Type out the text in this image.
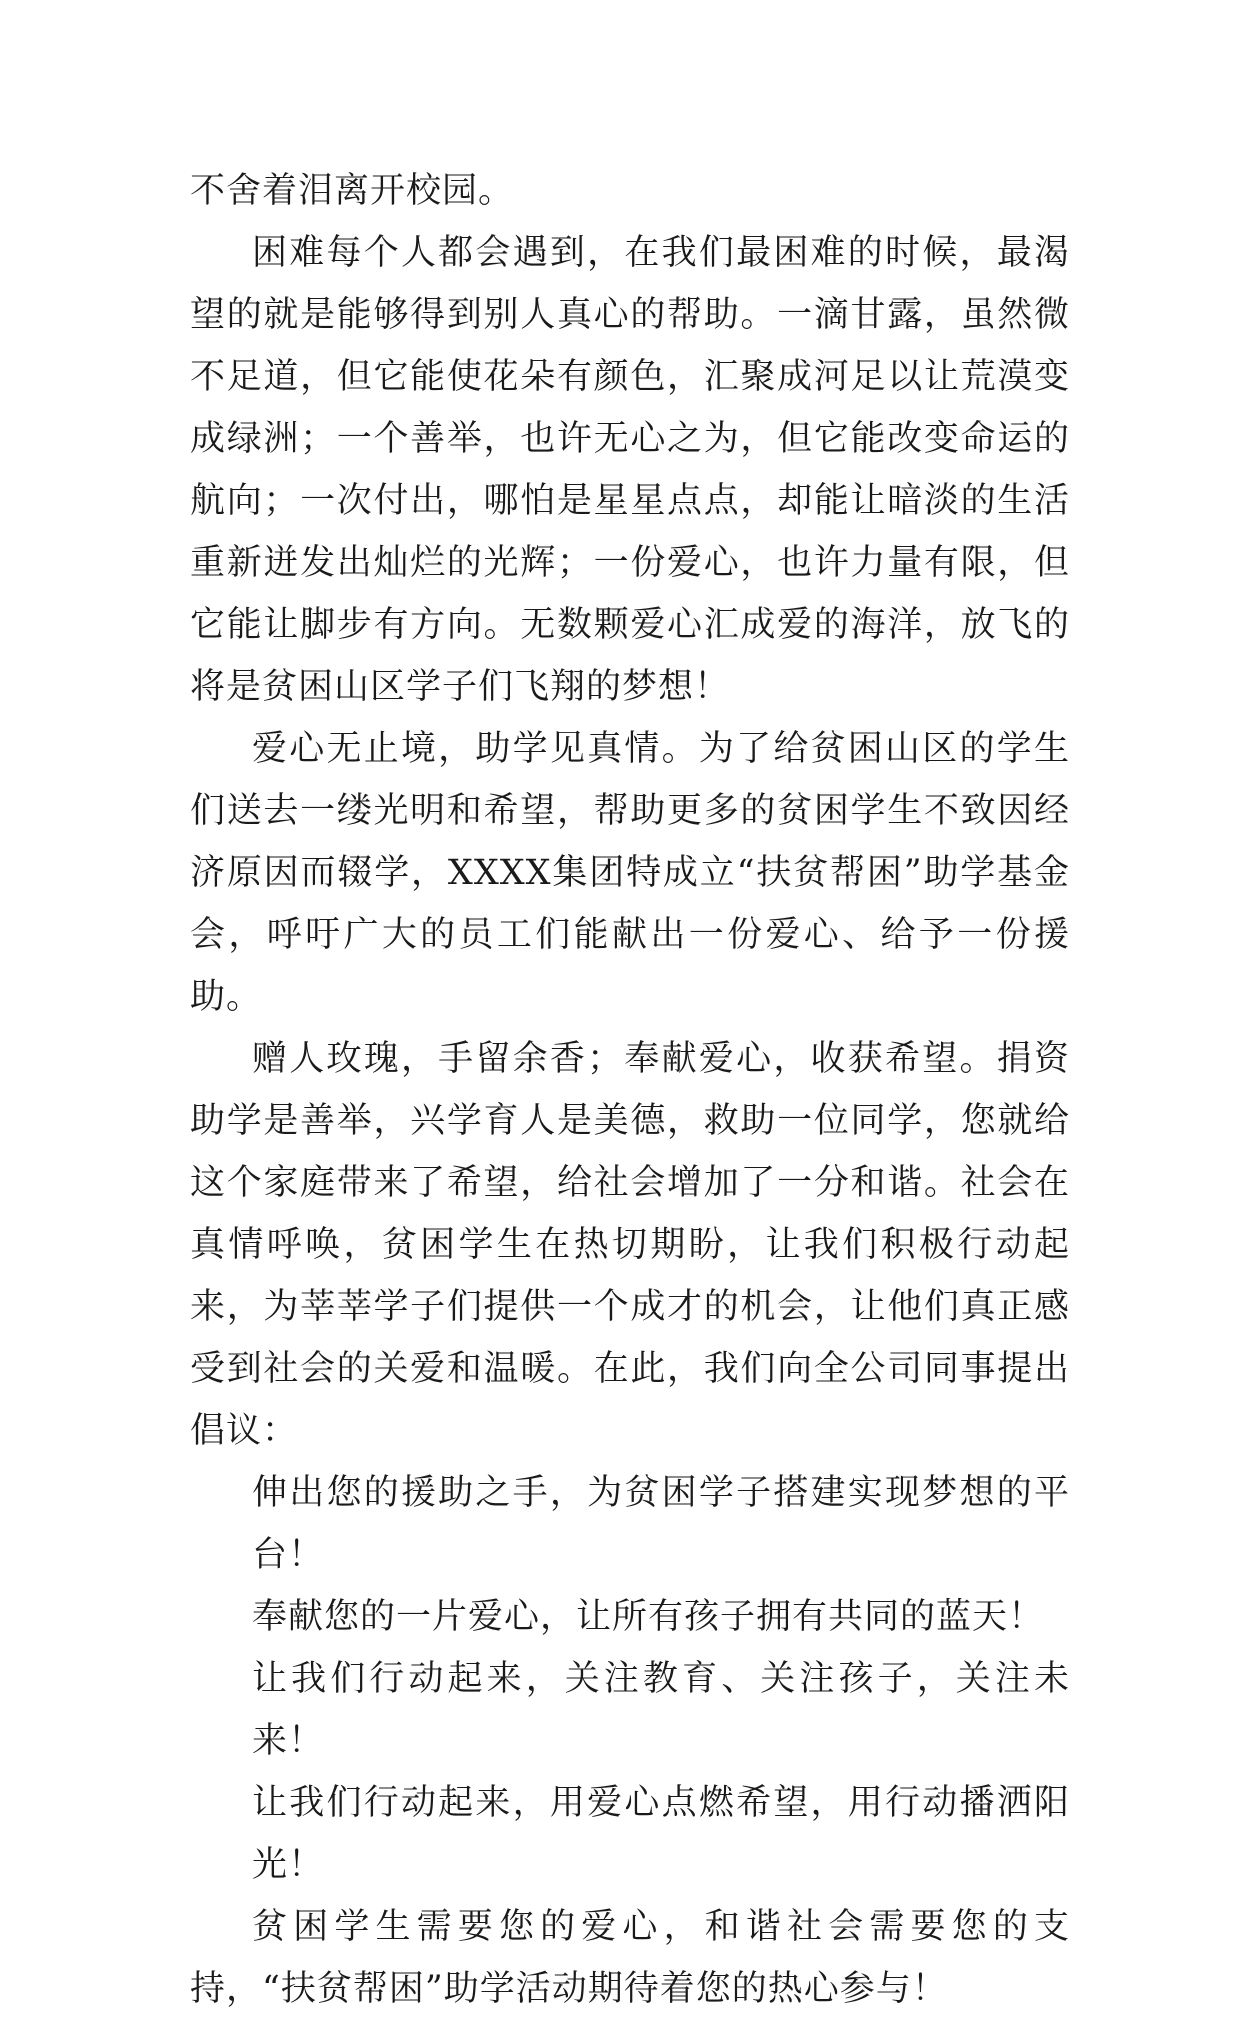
不舍着泪离开校园。

困难每个人都会遇到，在我们最困难的时候，最渴望的就是能够得到别人真心的帮助。一滴甘露，虽然微不足道，但它能使花朵有颜色，汇聚成河足以让荒漠变成绿洲；一个善举，也许无心之为，但它能改变命运的航向；一次付出，哪怕是星星点点，却能让暗淡的生活重新迸发出灿烂的光辉；一份爱心，也许力量有限，但它能让脚步有方向。无数颗爱心汇成爱的海洋，放飞的将是贫困山区学子们飞翔的梦想！

爱心无止境，助学见真情。为了给贫困山区的学生们送去一缕光明和希望，帮助更多的贫困学生不致因经济原因而辍学，XXXX集团特成立“扶贫帮困”助学基金会，呼吁广大的员工们能献出一份爱心、给予一份援助。

赠人玫瑰，手留余香；奉献爱心，收获希望。捐资助学是善举，兴学育人是美德，救助一位同学，您就给这个家庭带来了希望，给社会增加了一分和谐。社会在真情呼唤，贫困学生在热切期盼，让我们积极行动起来，为莘莘学子们提供一个成才的机会，让他们真正感受到社会的关爱和温暖。在此，我们向全公司同事提出倡议：

伸出您的援助之手，为贫困学子搭建实现梦想的平台！

奉献您的一片爱心，让所有孩子拥有共同的蓝天！

让我们行动起来，关注教育、关注孩子，关注未来！

让我们行动起来，用爱心点燃希望，用行动播洒阳光！

贫困学生需要您的爱心，和谐社会需要您的支持，“扶贫帮困”助学活动期待着您的热心参与！
